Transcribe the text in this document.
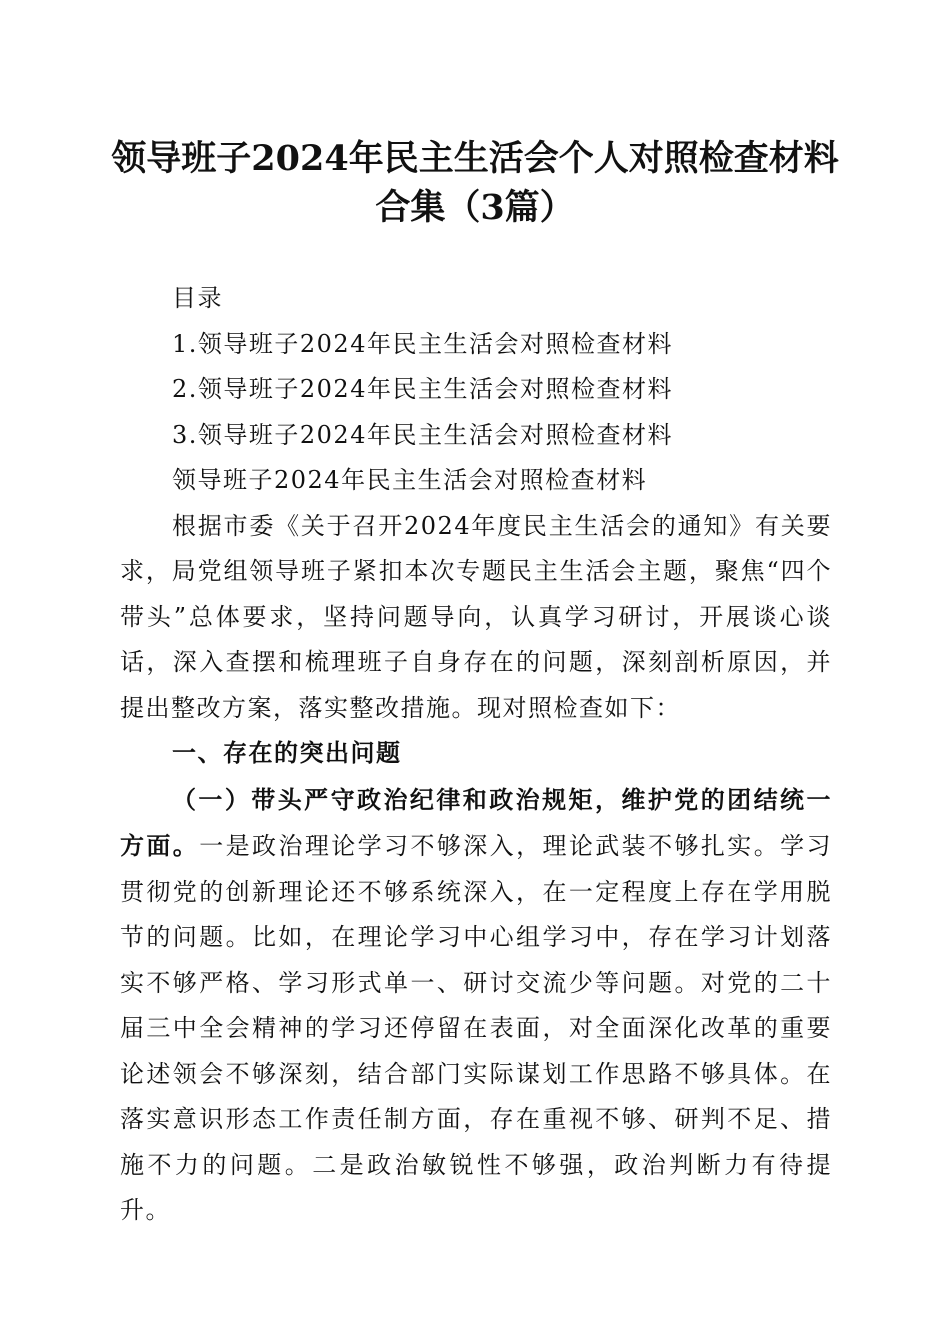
领导班子2024年民主生活会个人对照检查材料合集（3篇）
目录
1.领导班子2024年民主生活会对照检查材料
2.领导班子2024年民主生活会对照检查材料
3.领导班子2024年民主生活会对照检查材料
领导班子2024年民主生活会对照检查材料
根据市委《关于召开2024年度民主生活会的通知》有关要求，局党组领导班子紧扣本次专题民主生活会主题，聚焦“四个带头”总体要求，坚持问题导向，认真学习研讨，开展谈心谈话，深入查摆和梳理班子自身存在的问题，深刻剖析原因，并提出整改方案，落实整改措施。现对照检查如下：
一、存在的突出问题
（一）带头严守政治纪律和政治规矩，维护党的团结统一方面。一是政治理论学习不够深入，理论武装不够扎实。学习贯彻党的创新理论还不够系统深入，在一定程度上存在学用脱节的问题。比如，在理论学习中心组学习中，存在学习计划落实不够严格、学习形式单一、研讨交流少等问题。对党的二十届三中全会精神的学习还停留在表面，对全面深化改革的重要论述领会不够深刻，结合部门实际谋划工作思路不够具体。在落实意识形态工作责任制方面，存在重视不够、研判不足、措施不力的问题。二是政治敏锐性不够强，政治判断力有待提升。
